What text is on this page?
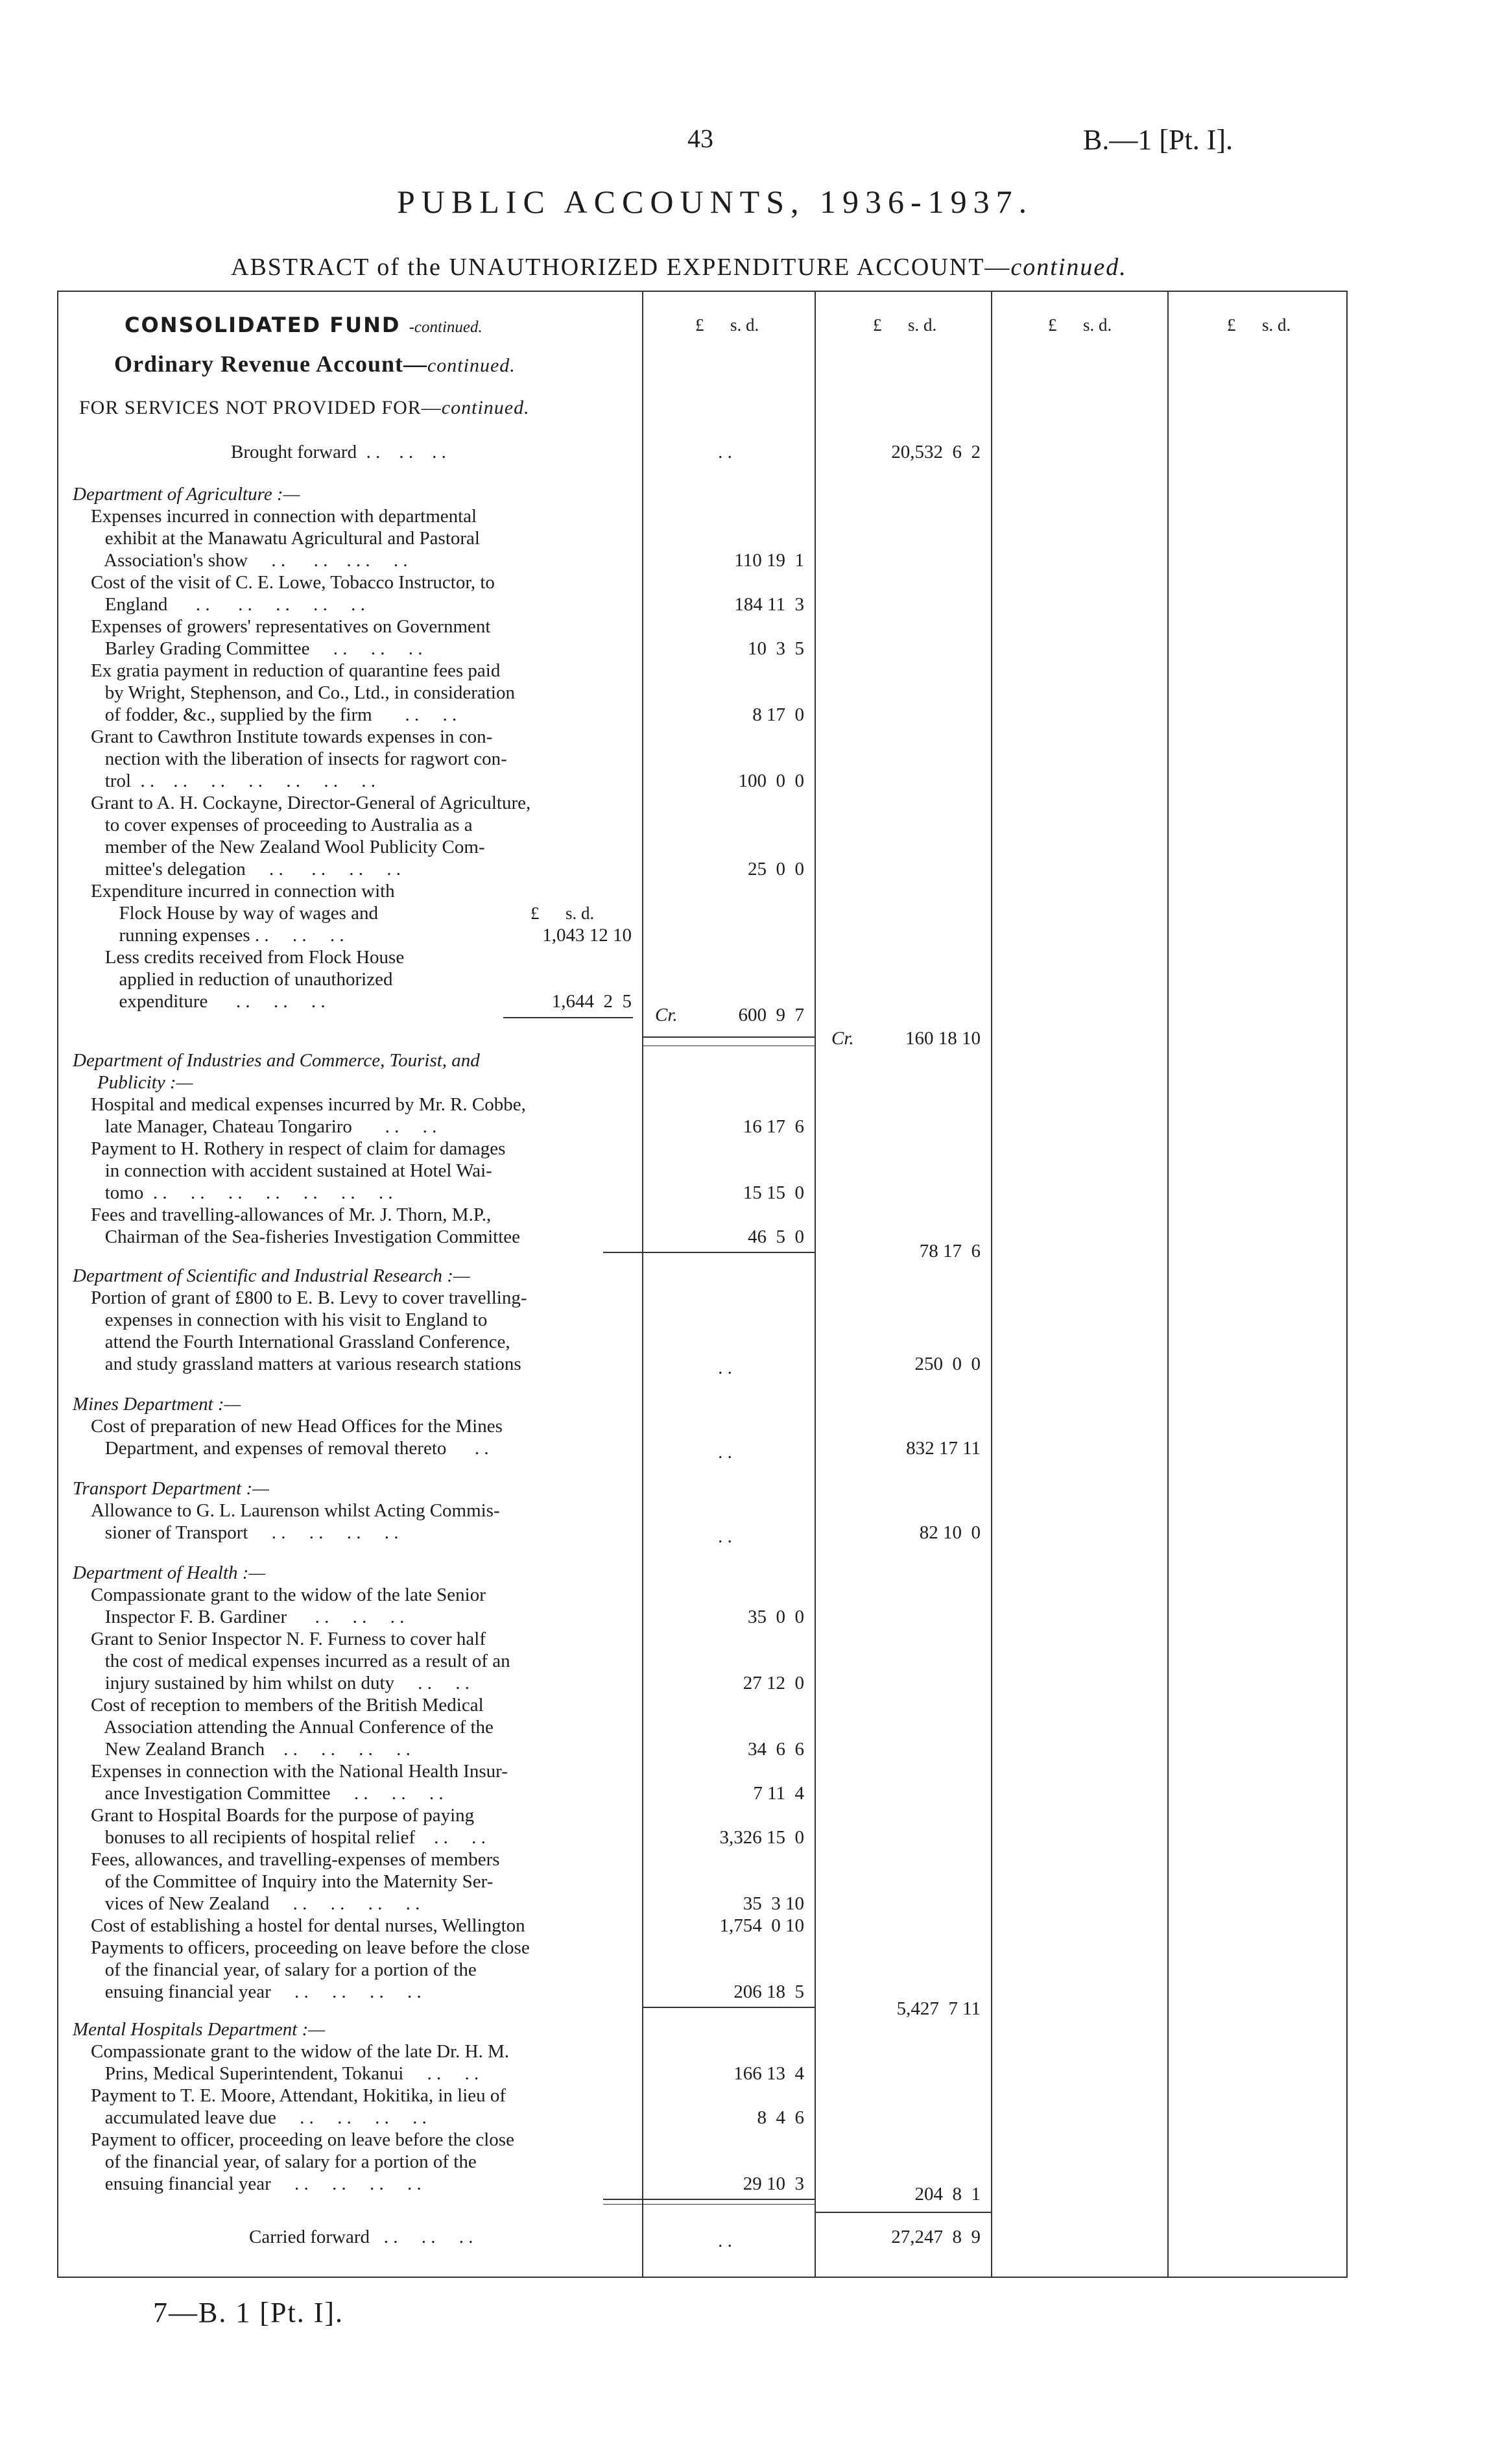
43	B.—1 [Pt. I].
PUBLIC ACCOUNTS, 1936-1937.
ABSTRACT of the UNAUTHORIZED EXPENDITURE ACCOUNT—continued.
£      s. d.	£      s. d.	£      s. d.	£      s. d.
CONSOLIDATED FUND -continued.
Ordinary Revenue Account—continued.
FOR SERVICES NOT PROVIDED FOR—continued.
Brought forward  . .    . .    . .	. .	20,532  6  2
Department of Agriculture :—
Expenses incurred in connection with departmental
exhibit at the Manawatu Agricultural and Pastoral
Association's show     . .      . .    . . .     . .	110 19  1
Cost of the visit of C. E. Lowe, Tobacco Instructor, to
England      . .      . .     . .     . .     . .	184 11  3
Expenses of growers' representatives on Government
Barley Grading Committee     . .     . .     . .	10  3  5
Ex gratia payment in reduction of quarantine fees paid
by Wright, Stephenson, and Co., Ltd., in consideration
of fodder, &c., supplied by the firm       . .     . .	8 17  0
Grant to Cawthron Institute towards expenses in con-
nection with the liberation of insects for ragwort con-
trol  . .    . .     . .     . .     . .     . .     . .	100  0  0
Grant to A. H. Cockayne, Director-General of Agriculture,
to cover expenses of proceeding to Australia as a
member of the New Zealand Wool Publicity Com-
mittee's delegation     . .      . .     . .     . .	25  0  0
Expenditure incurred in connection with
Flock House by way of wages and	£      s. d.
running expenses . .     . .     . .	1,043 12 10
Less credits received from Flock House
applied in reduction of unauthorized
expenditure      . .     . .     . .	1,644  2  5
Cr.	600  9  7
Cr.	160 18 10
Department of Industries and Commerce, Tourist, and
Publicity :—
Hospital and medical expenses incurred by Mr. R. Cobbe,
late Manager, Chateau Tongariro       . .     . .	16 17  6
Payment to H. Rothery in respect of claim for damages
in connection with accident sustained at Hotel Wai-
tomo  . .     . .     . .     . .     . .     . .     . .	15 15  0
Fees and travelling-allowances of Mr. J. Thorn, M.P.,
Chairman of the Sea-fisheries Investigation Committee	46  5  0
78 17  6
Department of Scientific and Industrial Research :—
Portion of grant of £800 to E. B. Levy to cover travelling-
expenses in connection with his visit to England to
attend the Fourth International Grassland Conference,
and study grassland matters at various research stations	. .	250  0  0
Mines Department :—
Cost of preparation of new Head Offices for the Mines
Department, and expenses of removal thereto      . .	. .	832 17 11
Transport Department :—
Allowance to G. L. Laurenson whilst Acting Commis-
sioner of Transport     . .     . .     . .     . .	. .	82 10  0
Department of Health :—
Compassionate grant to the widow of the late Senior
Inspector F. B. Gardiner      . .     . .     . .	35  0  0
Grant to Senior Inspector N. F. Furness to cover half
the cost of medical expenses incurred as a result of an
injury sustained by him whilst on duty     . .     . .	27 12  0
Cost of reception to members of the British Medical
Association attending the Annual Conference of the
New Zealand Branch    . .     . .     . .     . .	34  6  6
Expenses in connection with the National Health Insur-
ance Investigation Committee     . .     . .     . .	7 11  4
Grant to Hospital Boards for the purpose of paying
bonuses to all recipients of hospital relief    . .     . .	3,326 15  0
Fees, allowances, and travelling-expenses of members
of the Committee of Inquiry into the Maternity Ser-
vices of New Zealand     . .     . .     . .     . .	35  3 10
Cost of establishing a hostel for dental nurses, Wellington	1,754  0 10
Payments to officers, proceeding on leave before the close
of the financial year, of salary for a portion of the
ensuing financial year     . .     . .     . .     . .	206 18  5
5,427  7 11
Mental Hospitals Department :—
Compassionate grant to the widow of the late Dr. H. M.
Prins, Medical Superintendent, Tokanui     . .     . .	166 13  4
Payment to T. E. Moore, Attendant, Hokitika, in lieu of
accumulated leave due     . .     . .     . .     . .	8  4  6
Payment to officer, proceeding on leave before the close
of the financial year, of salary for a portion of the
ensuing financial year     . .     . .     . .     . .	29 10  3	204  8  1
Carried forward   . .     . .     . .	. .	27,247  8  9
7—B. 1 [Pt. I].
